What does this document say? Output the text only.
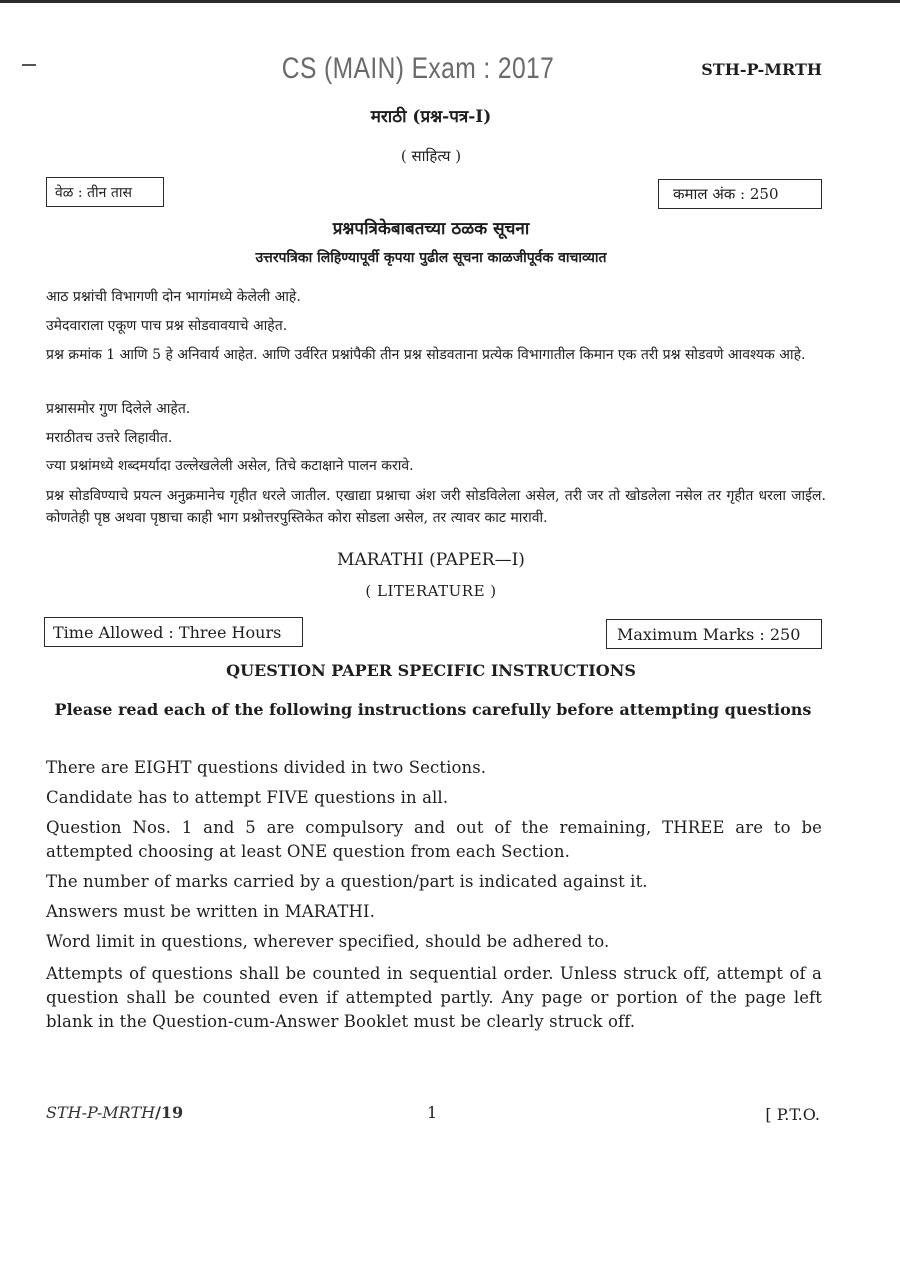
CS (MAIN) Exam : 2017	STH-P-MRTH
मराठी (प्रश्न-पत्र-I)
( साहित्य )
वेळ : तीन तास	कमाल अंक : 250
प्रश्नपत्रिकेबाबतच्या ठळक सूचना
उत्तरपत्रिका लिहिण्यापूर्वी कृपया पुढील सूचना काळजीपूर्वक वाचाव्यात
आठ प्रश्नांची विभागणी दोन भागांमध्ये केलेली आहे.
उमेदवाराला एकूण पाच प्रश्न सोडवावयाचे आहेत.
प्रश्न क्रमांक 1 आणि 5 हे अनिवार्य आहेत. आणि उर्वरित प्रश्नांपैकी तीन प्रश्न सोडवताना प्रत्येक विभागातील किमान एक तरी प्रश्न सोडवणे आवश्यक आहे.
प्रश्नासमोर गुण दिलेले आहेत.
मराठीतच उत्तरे लिहावीत.
ज्या प्रश्नांमध्ये शब्दमर्यादा उल्लेखलेली असेल, तिचे कटाक्षाने पालन करावे.
प्रश्न सोडविण्याचे प्रयत्न अनुक्रमानेच गृहीत धरले जातील. एखाद्या प्रश्नाचा अंश जरी सोडविलेला असेल, तरी जर तो खोडलेला नसेल तर गृहीत धरला जाईल. कोणतेही पृष्ठ अथवा पृष्ठाचा काही भाग प्रश्नोत्तरपुस्तिकेत कोरा सोडला असेल, तर त्यावर काट मारावी.
MARATHI (PAPER—I)
( LITERATURE )
Time Allowed : Three Hours	Maximum Marks : 250
QUESTION PAPER SPECIFIC INSTRUCTIONS
Please read each of the following instructions carefully before attempting questions
There are EIGHT questions divided in two Sections.
Candidate has to attempt FIVE questions in all.
Question Nos. 1 and 5 are compulsory and out of the remaining, THREE are to be attempted choosing at least ONE question from each Section.
The number of marks carried by a question/part is indicated against it.
Answers must be written in MARATHI.
Word limit in questions, wherever specified, should be adhered to.
Attempts of questions shall be counted in sequential order. Unless struck off, attempt of a question shall be counted even if attempted partly. Any page or portion of the page left blank in the Question-cum-Answer Booklet must be clearly struck off.
STH-P-MRTH/19	1	[ P.T.O.
